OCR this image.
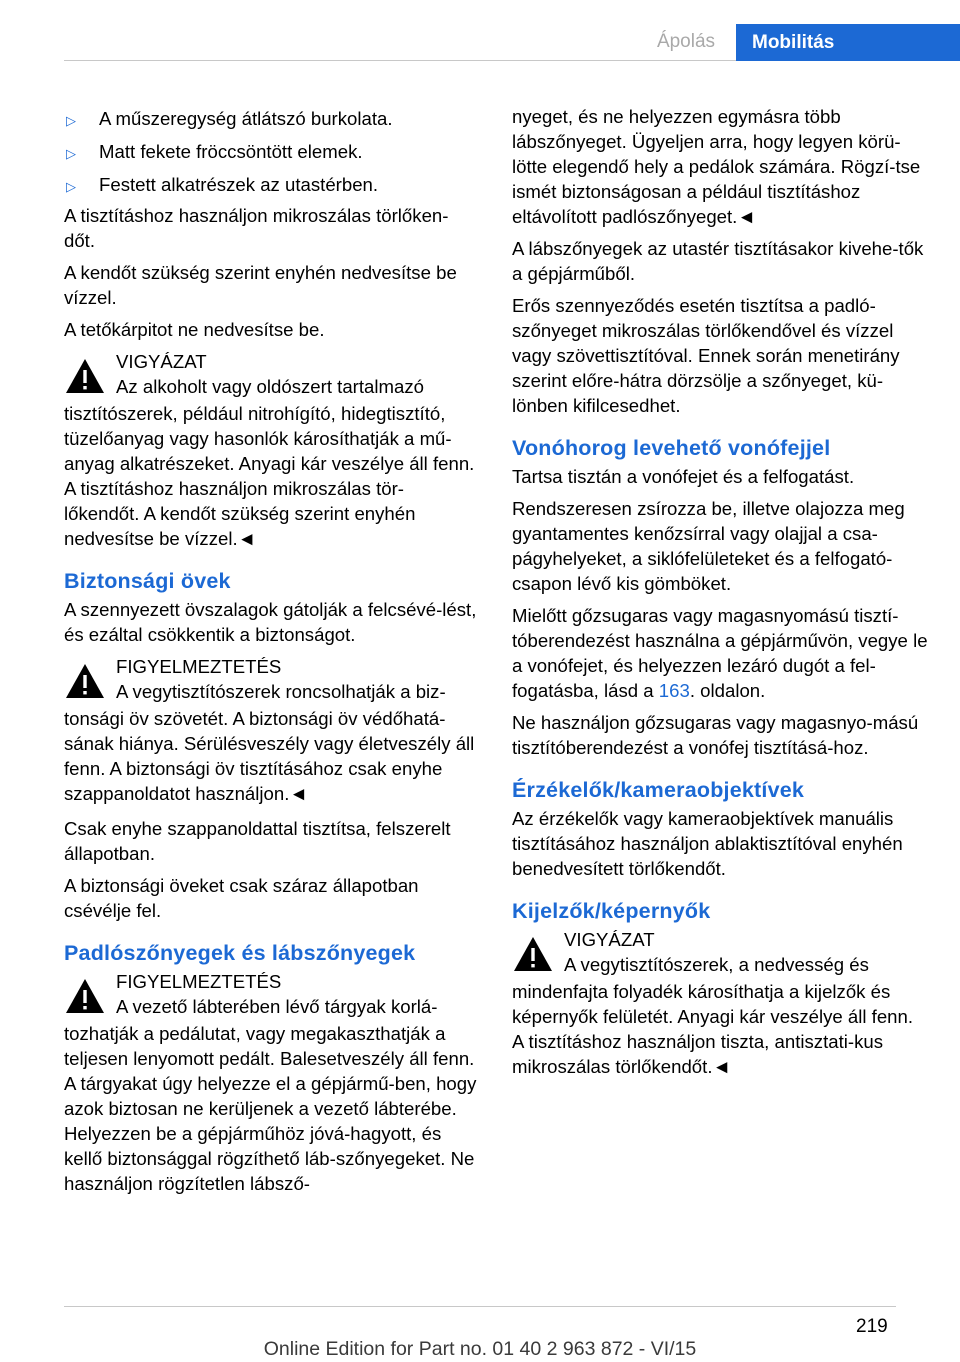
Ápolás	Mobilitás
▷	A műszeregység átlátszó burkolata.
▷	Matt fekete fröccsöntött elemek.
▷	Festett alkatrészek az utastérben.

A tisztításhoz használjon mikroszálas törlőken-dőt.

A kendőt szükség szerint enyhén nedvesítse be vízzel.

A tetőkárpitot ne nedvesítse be.

VIGYÁZAT
Az alkoholt vagy oldószert tartalmazó

tisztítószerek, például nitrohígító, hidegtisztító, tüzelőanyag vagy hasonlók károsíthatják a mű-anyag alkatrészeket. Anyagi kár veszélye áll fenn. A tisztításhoz használjon mikroszálas tör-lőkendőt. A kendőt szükség szerint enyhén nedvesítse be vízzel.◄

Biztonsági övek

A szennyezett övszalagok gátolják a felcsévé-lést, és ezáltal csökkentik a biztonságot.

FIGYELMEZTETÉS
A vegytisztítószerek roncsolhatják a biz-

tonsági öv szövetét. A biztonsági öv védőhatá-sának hiánya. Sérülésveszély vagy életveszély áll fenn. A biztonsági öv tisztításához csak enyhe szappanoldatot használjon.◄

Csak enyhe szappanoldattal tisztítsa, felszerelt állapotban.

A biztonsági öveket csak száraz állapotban csévélje fel.

Padlószőnyegek és lábszőnyegek
FIGYELMEZTETÉS
A vezető lábterében lévő tárgyak korlá-

tozhatják a pedálutat, vagy megakaszthatják a teljesen lenyomott pedált. Balesetveszély áll fenn. A tárgyakat úgy helyezze el a gépjármű-ben, hogy azok biztosan ne kerüljenek a vezető lábterébe. Helyezzen be a gépjárműhöz jóvá-hagyott, és kellő biztonsággal rögzíthető láb-szőnyegeket. Ne használjon rögzítetlen lábsző-

nyeget, és ne helyezzen egymásra több lábszőnyeget. Ügyeljen arra, hogy legyen körü-lötte elegendő hely a pedálok számára. Rögzí-tse ismét biztonságosan a például tisztításhoz eltávolított padlószőnyeget.◄

A lábszőnyegek az utastér tisztításakor kivehe-tők a gépjárműből.

Erős szennyeződés esetén tisztítsa a padló-szőnyeget mikroszálas törlőkendővel és vízzel vagy szövettisztítóval. Ennek során menetirány szerint előre-hátra dörzsölje a szőnyeget, kü-lönben kifilcesedhet.

Vonóhorog levehető vonófejjel

Tartsa tisztán a vonófejet és a felfogatást.

Rendszeresen zsírozza be, illetve olajozza meg gyantamentes kenőzsírral vagy olajjal a csa-págyhelyeket, a siklófelületeket és a felfogató-csapon lévő kis gömböket.

Mielőtt gőzsugaras vagy magasnyomású tisztí-tóberendezést használna a gépjárművön, vegye le a vonófejet, és helyezzen lezáró dugót a fel-fogatásba, lásd a 163. oldalon.

Ne használjon gőzsugaras vagy magasnyo-mású tisztítóberendezést a vonófej tisztításá-hoz.

Érzékelők/kameraobjektívek

Az érzékelők vagy kameraobjektívek manuális tisztításához használjon ablaktisztítóval enyhén benedvesített törlőkendőt.

Kijelzők/képernyők
VIGYÁZAT
A vegytisztítószerek, a nedvesség és

mindenfajta folyadék károsíthatja a kijelzők és képernyők felületét. Anyagi kár veszélye áll fenn. A tisztításhoz használjon tiszta, antisztati-kus mikroszálas törlőkendőt.◄

219
Online Edition for Part no. 01 40 2 963 872 - VI/15
